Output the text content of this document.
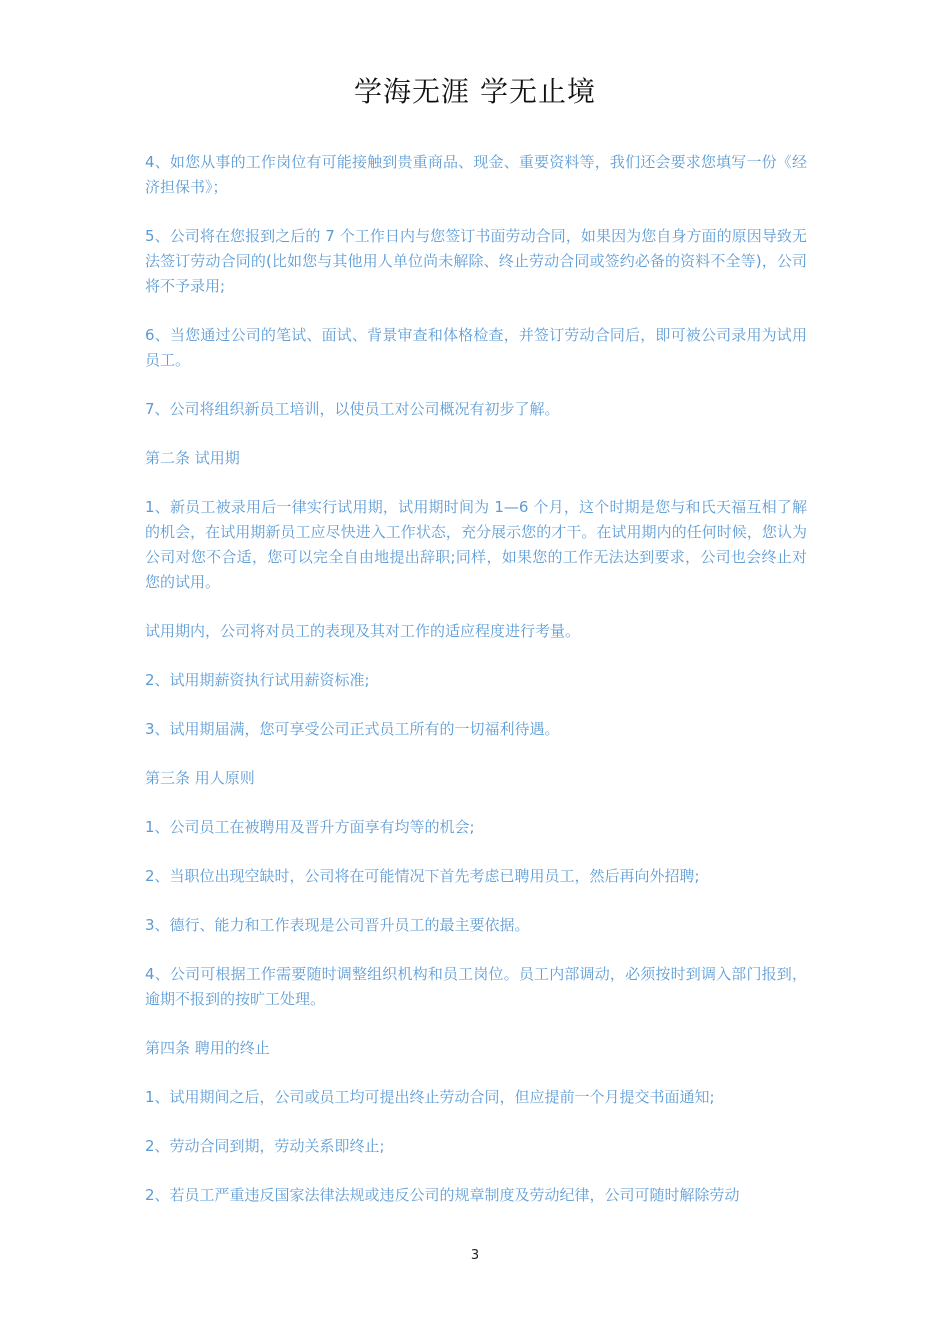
学海无涯 学无止境

4、如您从事的工作岗位有可能接触到贵重商品、现金、重要资料等，我们还会要求您填写一份《经济担保书》；

5、公司将在您报到之后的 7 个工作日内与您签订书面劳动合同，如果因为您自身方面的原因导致无法签订劳动合同的(比如您与其他用人单位尚未解除、终止劳动合同或签约必备的资料不全等)，公司将不予录用;

6、当您通过公司的笔试、面试、背景审查和体格检查，并签订劳动合同后，即可被公司录用为试用员工。

7、公司将组织新员工培训，以使员工对公司概况有初步了解。

第二条 试用期

1、新员工被录用后一律实行试用期，试用期时间为 1—6 个月，这个时期是您与和氏天福互相了解的机会，在试用期新员工应尽快进入工作状态，充分展示您的才干。在试用期内的任何时候，您认为公司对您不合适，您可以完全自由地提出辞职;同样，如果您的工作无法达到要求，公司也会终止对您的试用。

试用期内，公司将对员工的表现及其对工作的适应程度进行考量。

2、试用期薪资执行试用薪资标准;

3、试用期届满，您可享受公司正式员工所有的一切福利待遇。

第三条 用人原则

1、公司员工在被聘用及晋升方面享有均等的机会;

2、当职位出现空缺时，公司将在可能情况下首先考虑已聘用员工，然后再向外招聘;

3、德行、能力和工作表现是公司晋升员工的最主要依据。

4、公司可根据工作需要随时调整组织机构和员工岗位。员工内部调动，必须按时到调入部门报到，逾期不报到的按旷工处理。

第四条 聘用的终止

1、试用期间之后，公司或员工均可提出终止劳动合同，但应提前一个月提交书面通知;

2、劳动合同到期，劳动关系即终止;

2、若员工严重违反国家法律法规或违反公司的规章制度及劳动纪律，公司可随时解除劳动

3
